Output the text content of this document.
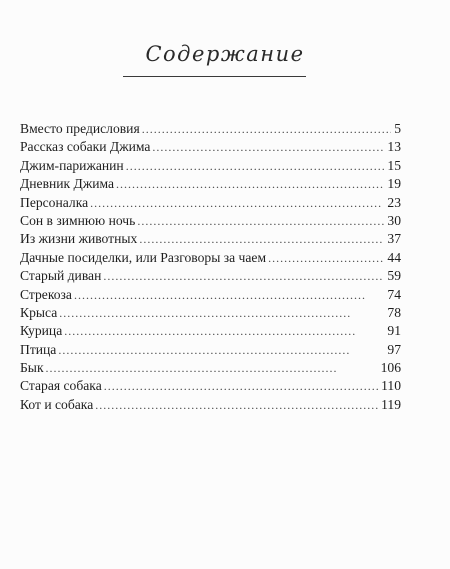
Содержание
Вместо предисловия . . .	5
Рассказ собаки Джима . . .	13
Джим-парижанин . . .	15
Дневник Джима . . .	19
Персоналка . . .	23
Сон в зимнюю ночь . . .	30
Из жизни животных . . .	37
Дачные посиделки, или Разговоры за чаем . . .	44
Старый диван . . .	59
Стрекоза . . .	74
Крыса . . .	78
Курица . . .	91
Птица . . .	97
Бык . . .	106
Старая собака . . .	110
Кот и собака . . .	119
